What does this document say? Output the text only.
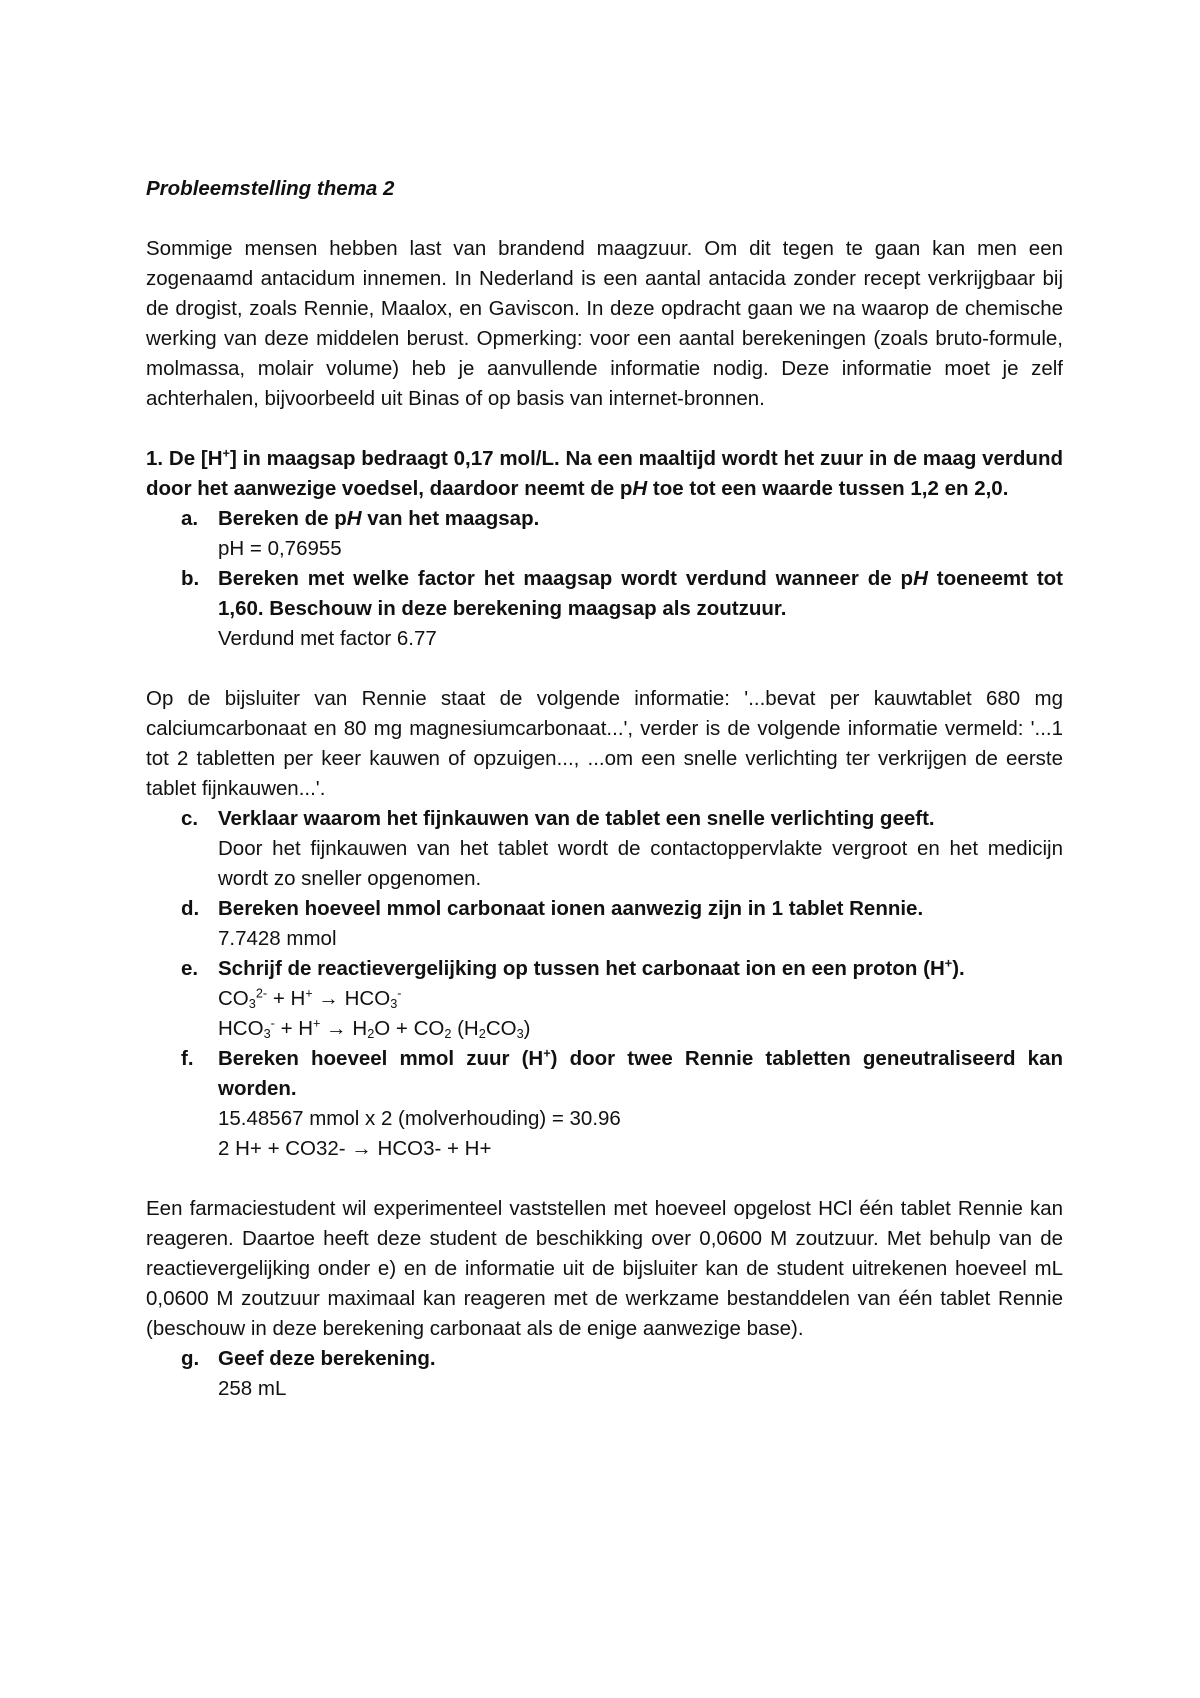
Probleemstelling thema 2

Sommige mensen hebben last van brandend maagzuur. Om dit tegen te gaan kan men een zogenaamd antacidum innemen. In Nederland is een aantal antacida zonder recept verkrijgbaar bij de drogist, zoals Rennie, Maalox, en Gaviscon. In deze opdracht gaan we na waarop de chemische werking van deze middelen berust. Opmerking: voor een aantal berekeningen (zoals bruto-formule, molmassa, molair volume) heb je aanvullende informatie nodig. Deze informatie moet je zelf achterhalen, bijvoorbeeld uit Binas of op basis van internet-bronnen.

1. De [H+] in maagsap bedraagt 0,17 mol/L. Na een maaltijd wordt het zuur in de maag verdund door het aanwezige voedsel, daardoor neemt de pH toe tot een waarde tussen 1,2 en 2,0.

a. Bereken de pH van het maagsap.
pH = 0,76955
b. Bereken met welke factor het maagsap wordt verdund wanneer de pH toeneemt tot 1,60. Beschouw in deze berekening maagsap als zoutzuur.
Verdund met factor 6.77

Op de bijsluiter van Rennie staat de volgende informatie: '...bevat per kauwtablet 680 mg calciumcarbonaat en 80 mg magnesiumcarbonaat...', verder is de volgende informatie vermeld: '...1 tot 2 tabletten per keer kauwen of opzuigen..., ...om een snelle verlichting ter verkrijgen de eerste tablet fijnkauwen...'.

c. Verklaar waarom het fijnkauwen van de tablet een snelle verlichting geeft.
Door het fijnkauwen van het tablet wordt de contactoppervlakte vergroot en het medicijn wordt zo sneller opgenomen.
d. Bereken hoeveel mmol carbonaat ionen aanwezig zijn in 1 tablet Rennie.
7.7428 mmol
e. Schrijf de reactievergelijking op tussen het carbonaat ion en een proton (H+).
$CO_3^{2-} + H^+ \to HCO_3^-$
$HCO_3^- + H^+ \to H_2O + CO_2$ $(H_2CO_3)$
f. Bereken hoeveel mmol zuur (H+) door twee Rennie tabletten geneutraliseerd kan worden.
15.48567 mmol x 2 (molverhouding) = 30.96
2 H+ + CO32- → HCO3- + H+

Een farmaciestudent wil experimenteel vaststellen met hoeveel opgelost HCl één tablet Rennie kan reageren. Daartoe heeft deze student de beschikking over 0,0600 M zoutzuur. Met behulp van de reactievergelijking onder e) en de informatie uit de bijsluiter kan de student uitrekenen hoeveel mL 0,0600 M zoutzuur maximaal kan reageren met de werkzame bestanddelen van één tablet Rennie (beschouw in deze berekening carbonaat als de enige aanwezige base).

g. Geef deze berekening.
258 mL
